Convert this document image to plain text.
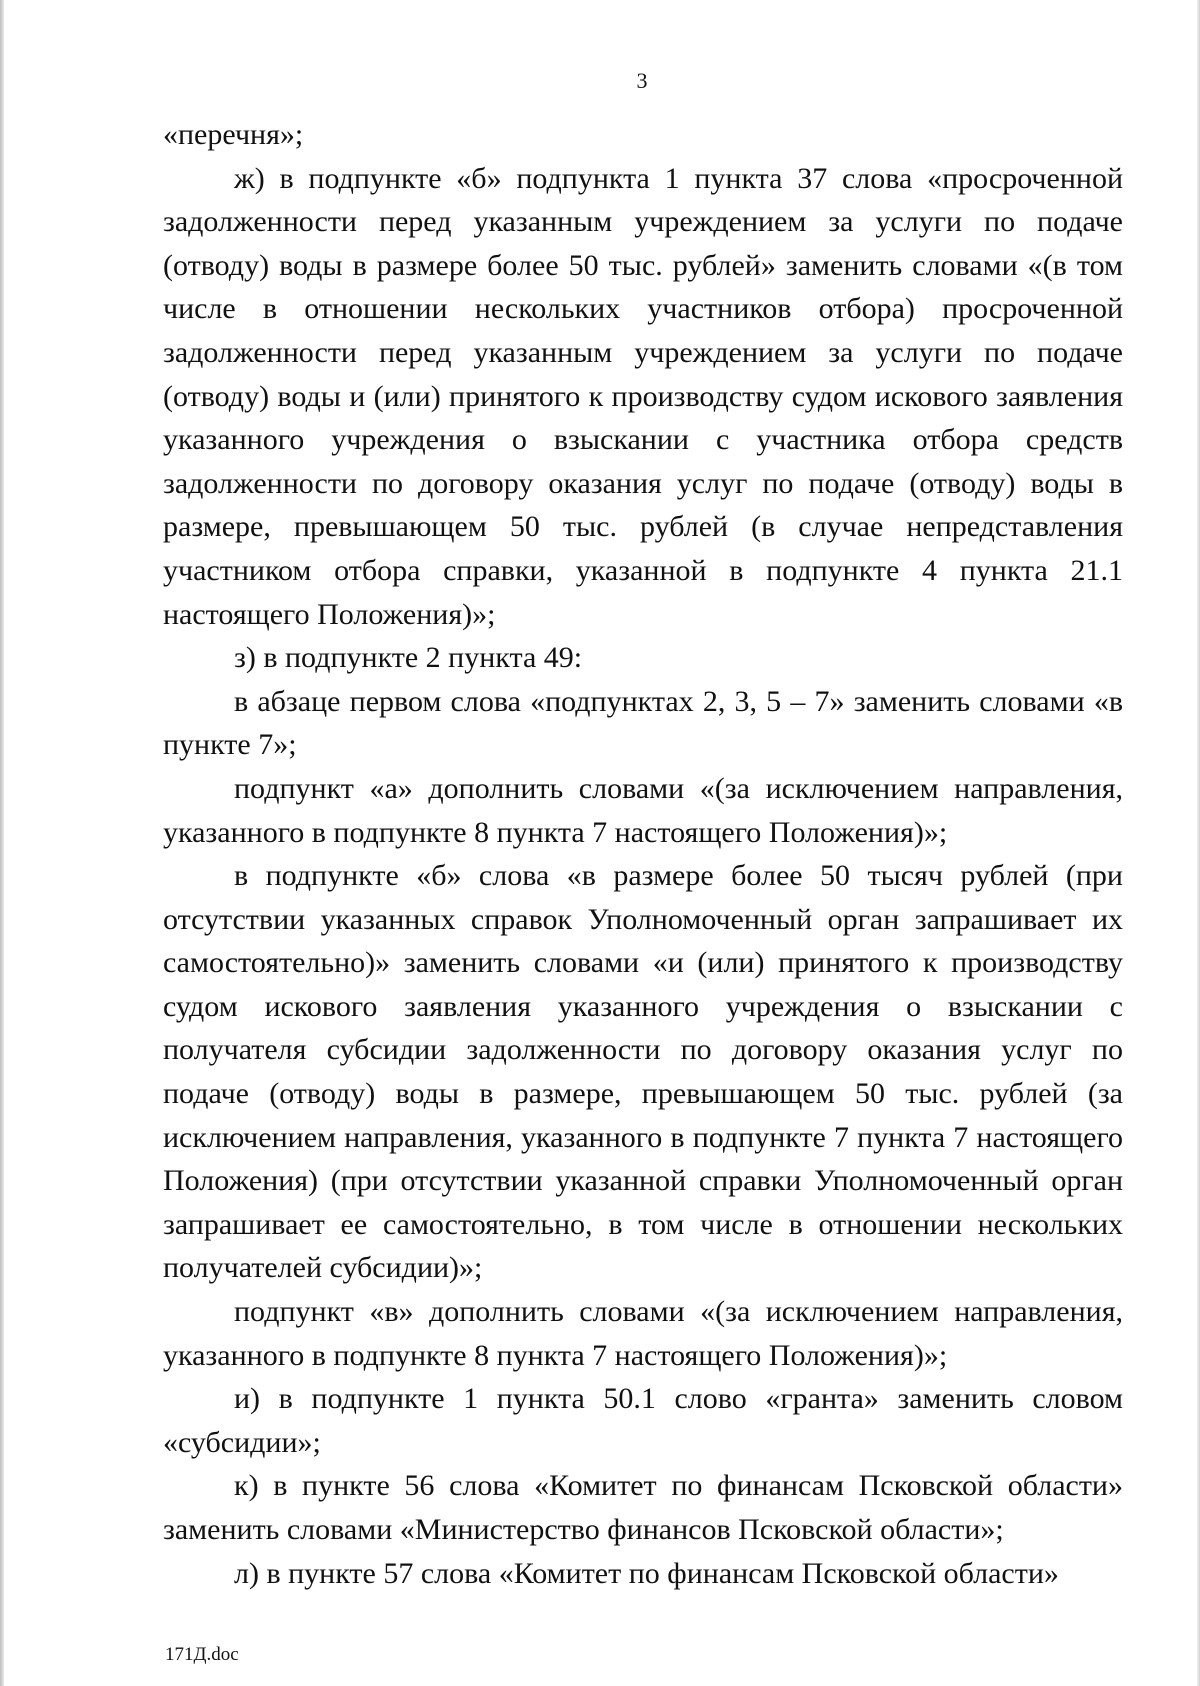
3

«перечня»;

ж) в подпункте «б» подпункта 1 пункта 37 слова «просроченной задолженности перед указанным учреждением за услуги по подаче (отводу) воды в размере более 50 тыс. рублей» заменить словами «(в том числе в отношении нескольких участников отбора) просроченной задолженности перед указанным учреждением за услуги по подаче (отводу) воды и (или) принятого к производству судом искового заявления указанного учреждения о взыскании с участника отбора средств задолженности по договору оказания услуг по подаче (отводу) воды в размере, превышающем 50 тыс. рублей (в случае непредставления участником отбора справки, указанной в подпункте 4 пункта 21.1 настоящего Положения)»;

з) в подпункте 2 пункта 49:

в абзаце первом слова «подпунктах 2, 3, 5 – 7» заменить словами «в пункте 7»;

подпункт «а» дополнить словами «(за исключением направления, указанного в подпункте 8 пункта 7 настоящего Положения)»;

в подпункте «б» слова «в размере более 50 тысяч рублей (при отсутствии указанных справок Уполномоченный орган запрашивает их самостоятельно)» заменить словами «и (или) принятого к производству судом искового заявления указанного учреждения о взыскании с получателя субсидии задолженности по договору оказания услуг по подаче (отводу) воды в размере, превышающем 50 тыс. рублей (за исключением направления, указанного в подпункте 7 пункта 7 настоящего Положения) (при отсутствии указанной справки Уполномоченный орган запрашивает ее самостоятельно, в том числе в отношении нескольких получателей субсидии)»;

подпункт «в» дополнить словами «(за исключением направления, указанного в подпункте 8 пункта 7 настоящего Положения)»;

и) в подпункте 1 пункта 50.1 слово «гранта» заменить словом «субсидии»;

к) в пункте 56 слова «Комитет по финансам Псковской области» заменить словами «Министерство финансов Псковской области»;

л) в пункте 57 слова «Комитет по финансам Псковской области»

171Д.doc
